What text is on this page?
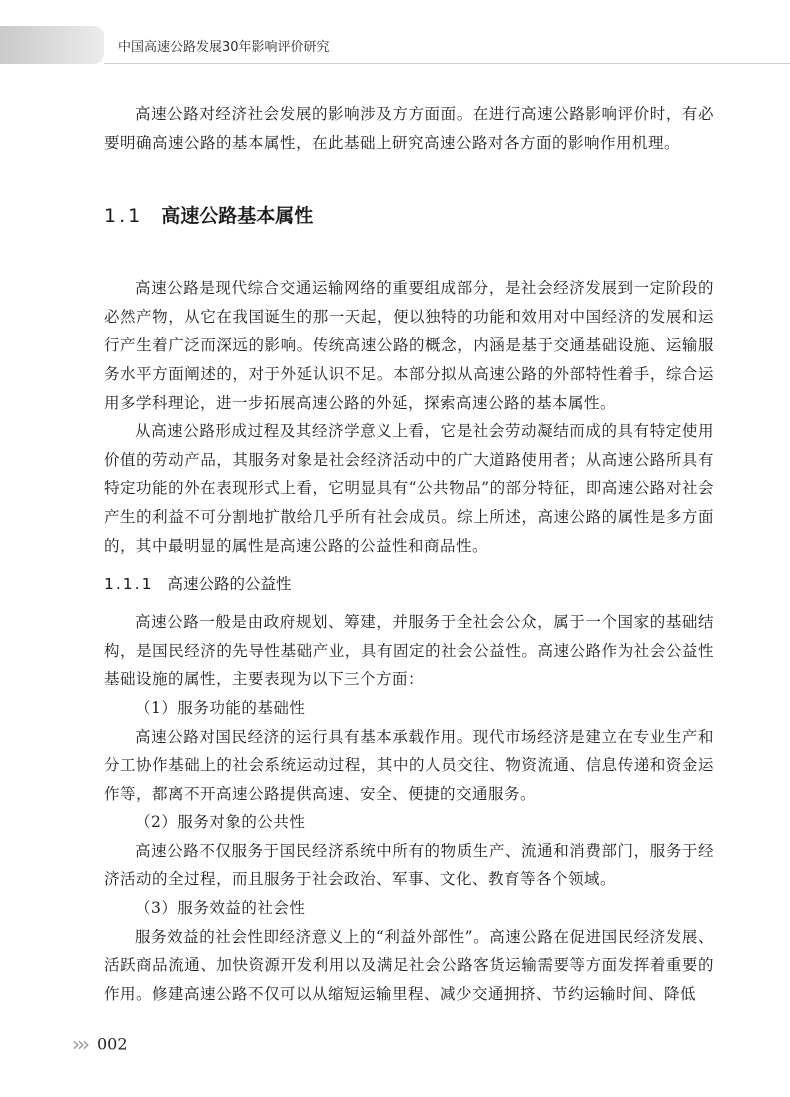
中国高速公路发展30年影响评价研究

高速公路对经济社会发展的影响涉及方方面面。在进行高速公路影响评价时，有必要明确高速公路的基本属性，在此基础上研究高速公路对各方面的影响作用机理。

1.1 高速公路基本属性

高速公路是现代综合交通运输网络的重要组成部分，是社会经济发展到一定阶段的必然产物，从它在我国诞生的那一天起，便以独特的功能和效用对中国经济的发展和运行产生着广泛而深远的影响。传统高速公路的概念，内涵是基于交通基础设施、运输服务水平方面阐述的，对于外延认识不足。本部分拟从高速公路的外部特性着手，综合运用多学科理论，进一步拓展高速公路的外延，探索高速公路的基本属性。

从高速公路形成过程及其经济学意义上看，它是社会劳动凝结而成的具有特定使用价值的劳动产品，其服务对象是社会经济活动中的广大道路使用者；从高速公路所具有特定功能的外在表现形式上看，它明显具有“公共物品”的部分特征，即高速公路对社会产生的利益不可分割地扩散给几乎所有社会成员。综上所述，高速公路的属性是多方面的，其中最明显的属性是高速公路的公益性和商品性。

1.1.1 高速公路的公益性

高速公路一般是由政府规划、筹建，并服务于全社会公众，属于一个国家的基础结构，是国民经济的先导性基础产业，具有固定的社会公益性。高速公路作为社会公益性基础设施的属性，主要表现为以下三个方面：

（1）服务功能的基础性

高速公路对国民经济的运行具有基本承载作用。现代市场经济是建立在专业生产和分工协作基础上的社会系统运动过程，其中的人员交往、物资流通、信息传递和资金运作等，都离不开高速公路提供高速、安全、便捷的交通服务。

（2）服务对象的公共性

高速公路不仅服务于国民经济系统中所有的物质生产、流通和消费部门，服务于经济活动的全过程，而且服务于社会政治、军事、文化、教育等各个领域。

（3）服务效益的社会性

服务效益的社会性即经济意义上的“利益外部性”。高速公路在促进国民经济发展、活跃商品流通、加快资源开发利用以及满足社会公路客货运输需要等方面发挥着重要的作用。修建高速公路不仅可以从缩短运输里程、减少交通拥挤、节约运输时间、降低

››› 002
